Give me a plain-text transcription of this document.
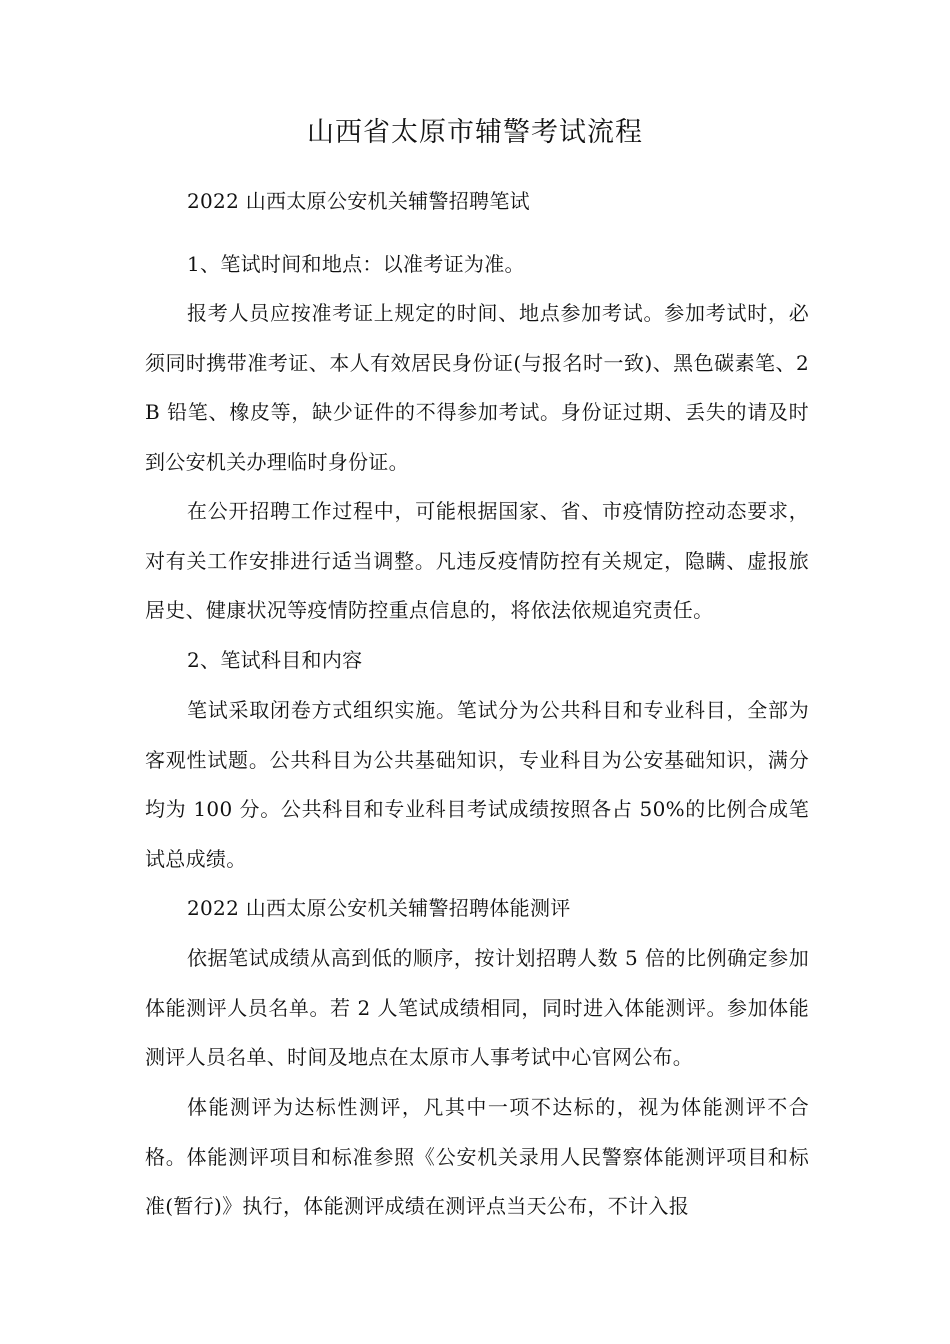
山西省太原市辅警考试流程

2022 山西太原公安机关辅警招聘笔试

1、笔试时间和地点：以准考证为准。

报考人员应按准考证上规定的时间、地点参加考试。参加考试时，必须同时携带准考证、本人有效居民身份证(与报名时一致)、黑色碳素笔、2B 铅笔、橡皮等，缺少证件的不得参加考试。身份证过期、丢失的请及时到公安机关办理临时身份证。

在公开招聘工作过程中，可能根据国家、省、市疫情防控动态要求，对有关工作安排进行适当调整。凡违反疫情防控有关规定，隐瞒、虚报旅居史、健康状况等疫情防控重点信息的，将依法依规追究责任。

2、笔试科目和内容

笔试采取闭卷方式组织实施。笔试分为公共科目和专业科目，全部为客观性试题。公共科目为公共基础知识，专业科目为公安基础知识，满分均为 100 分。公共科目和专业科目考试成绩按照各占 50%的比例合成笔试总成绩。

2022 山西太原公安机关辅警招聘体能测评

依据笔试成绩从高到低的顺序，按计划招聘人数 5 倍的比例确定参加体能测评人员名单。若 2 人笔试成绩相同，同时进入体能测评。参加体能测评人员名单、时间及地点在太原市人事考试中心官网公布。

体能测评为达标性测评，凡其中一项不达标的，视为体能测评不合格。体能测评项目和标准参照《公安机关录用人民警察体能测评项目和标准(暂行)》执行，体能测评成绩在测评点当天公布，不计入报
